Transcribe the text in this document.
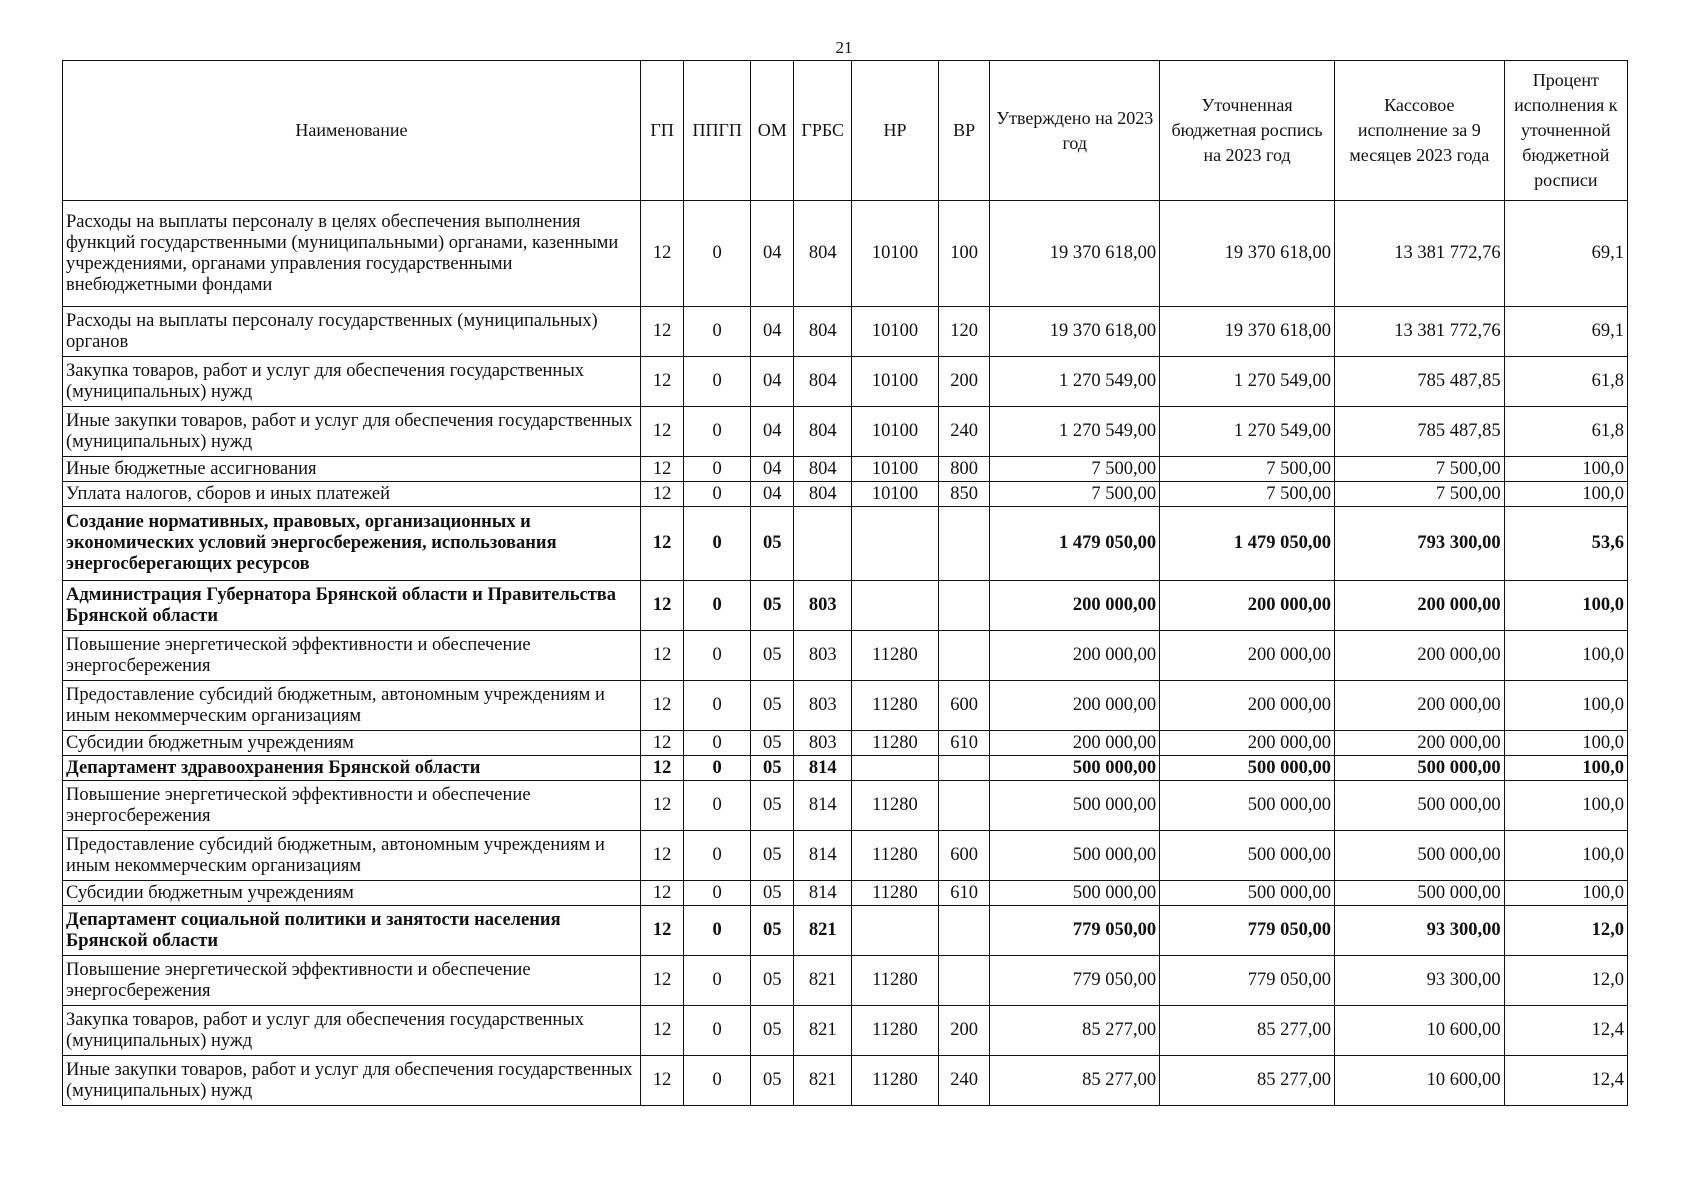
21
Наименование	ГП	ППГП	ОМ	ГРБС	НР	ВР	Утверждено на 2023 год	Уточненная бюджетная роспись на 2023 год	Кассовое исполнение за 9 месяцев 2023 года	Процент исполнения к уточненной бюджетной росписи
Расходы на выплаты персоналу в целях обеспечения выполнения функций государственными (муниципальными) органами, казенными учреждениями, органами управления государственными внебюджетными фондами	12	0	04	804	10100	100	19 370 618,00	19 370 618,00	13 381 772,76	69,1
Расходы на выплаты персоналу государственных (муниципальных) органов	12	0	04	804	10100	120	19 370 618,00	19 370 618,00	13 381 772,76	69,1
Закупка товаров, работ и услуг для обеспечения государственных (муниципальных) нужд	12	0	04	804	10100	200	1 270 549,00	1 270 549,00	785 487,85	61,8
Иные закупки товаров, работ и услуг для обеспечения государственных (муниципальных) нужд	12	0	04	804	10100	240	1 270 549,00	1 270 549,00	785 487,85	61,8
Иные бюджетные ассигнования	12	0	04	804	10100	800	7 500,00	7 500,00	7 500,00	100,0
Уплата налогов, сборов и иных платежей	12	0	04	804	10100	850	7 500,00	7 500,00	7 500,00	100,0
Создание нормативных, правовых, организационных и экономических условий энергосбережения, использования энергосберегающих ресурсов	12	0	05				1 479 050,00	1 479 050,00	793 300,00	53,6
Администрация Губернатора Брянской области и Правительства Брянской области	12	0	05	803			200 000,00	200 000,00	200 000,00	100,0
Повышение энергетической эффективности и обеспечение энергосбережения	12	0	05	803	11280		200 000,00	200 000,00	200 000,00	100,0
Предоставление субсидий бюджетным, автономным учреждениям и иным некоммерческим организациям	12	0	05	803	11280	600	200 000,00	200 000,00	200 000,00	100,0
Субсидии бюджетным учреждениям	12	0	05	803	11280	610	200 000,00	200 000,00	200 000,00	100,0
Департамент здравоохранения Брянской области	12	0	05	814			500 000,00	500 000,00	500 000,00	100,0
Повышение энергетической эффективности и обеспечение энергосбережения	12	0	05	814	11280		500 000,00	500 000,00	500 000,00	100,0
Предоставление субсидий бюджетным, автономным учреждениям и иным некоммерческим организациям	12	0	05	814	11280	600	500 000,00	500 000,00	500 000,00	100,0
Субсидии бюджетным учреждениям	12	0	05	814	11280	610	500 000,00	500 000,00	500 000,00	100,0
Департамент социальной политики и занятости населения Брянской области	12	0	05	821			779 050,00	779 050,00	93 300,00	12,0
Повышение энергетической эффективности и обеспечение энергосбережения	12	0	05	821	11280		779 050,00	779 050,00	93 300,00	12,0
Закупка товаров, работ и услуг для обеспечения государственных (муниципальных) нужд	12	0	05	821	11280	200	85 277,00	85 277,00	10 600,00	12,4
Иные закупки товаров, работ и услуг для обеспечения государственных (муниципальных) нужд	12	0	05	821	11280	240	85 277,00	85 277,00	10 600,00	12,4
